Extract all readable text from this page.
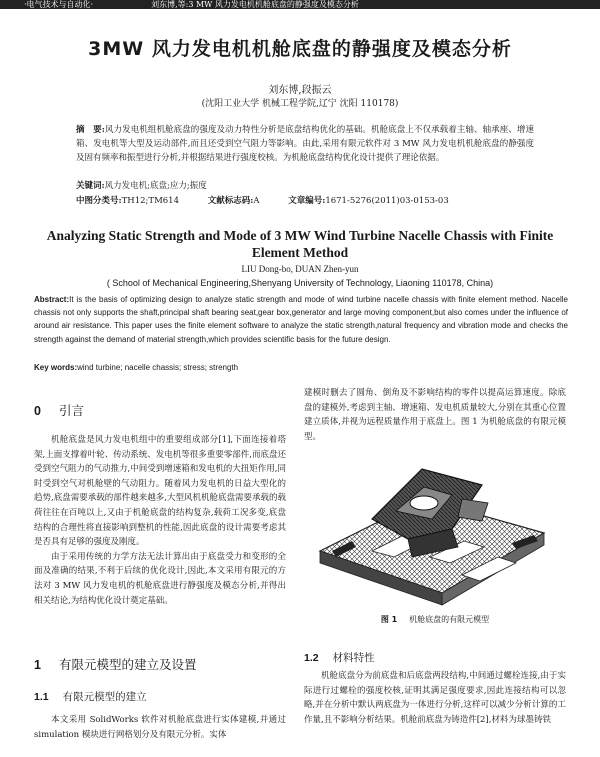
·电气技术与自动化·	刘东博,等:3 MW 风力发电机机舱底盘的静强度及模态分析
3MW 风力发电机机舱底盘的静强度及模态分析
刘东博,段振云
(沈阳工业大学 机械工程学院,辽宁 沈阳 110178)
摘　要:风力发电机组机舱底盘的强度及动力特性分析是底盘结构优化的基础。机舱底盘上不仅承载着主轴、轴承座、增速箱、发电机等大型及运动部件,而且还受到空气阻力等影响。由此,采用有限元软件对 3 MW 风力发电机机舱底盘的静强度及固有频率和振型进行分析,并根据结果进行强度校核。为机舱底盘结构优化设计提供了理论依据。
关键词:风力发电机;底盘;应力;振度
中图分类号:TH12;TM614	文献标志码:A	文章编号:1671-5276(2011)03-0153-03
Analyzing Static Strength and Mode of 3 MW Wind Turbine Nacelle Chassis with Finite Element Method
LIU Dong-bo, DUAN Zhen-yun
( School of Mechanical Engineering,Shenyang University of Technology, Liaoning 110178, China)
Abstract:It is the basis of optimizing design to analyze static strength and mode of wind turbine nacelle chassis with finite element method. Nacelle chassis not only supports the shaft,principal shaft bearing seat,gear box,generator and large moving component,but also comes under the influence of around air resistance. This paper uses the finite element software to analyze the static strength,natural frequency and vibration mode and checks the strength against the demand of material strength,which provides scientific basis for the future design.
Key words:wind turbine; nacelle chassis; stress; strength
0 引言

机舱底盘是风力发电机组中的重要组成部分[1],下面连接着塔架,上面支撑着叶轮、传动系统、发电机等很多重要零部件,而底盘还受到空气阻力的气动推力,中间受到增速箱和发电机的大扭矩作用,同时受到空气对机舱壁的气动阻力。随着风力发电机的日益大型化的趋势,底盘需要承载的部件越来越多,大型风机机舱底盘需要承载的载荷往往在百吨以上,又由于机舱底盘的结构复杂,载荷工况多变,底盘结构的合理性将直接影响到整机的性能,因此底盘的设计需要考虑其是否具有足够的强度及刚度。

由于采用传统的力学方法无法计算出由于底盘受力和变形的全面及准确的结果,不利于后续的优化设计,因此,本文采用有限元的方法对 3 MW 风力发电机的机舱底盘进行静强度及模态分析,并得出相关结论,为结构优化设计奠定基础。

1 有限元模型的建立及设置
1.1 有限元模型的建立

本文采用 SolidWorks 软件对机舱底盘进行实体建模,并通过 simulation 模块进行网格划分及有限元分析。实体

建模时删去了圆角、倒角及不影响结构的零件以提高运算速度。除底盘的建模外,考虑到主轴、增速箱、发电机质量较大,分别在其重心位置建立质体,并视为远程质量作用于底盘上。图 1 为机舱底盘的有限元模型。
图 1 机舱底盘的有限元模型
1.2 材料特性

机舱底盘分为前底盘和后底盘两段结构,中间通过螺栓连接,由于实际进行过螺栓的强度校核,证明其满足强度要求,因此连接结构可以忽略,并在分析中默认两底盘为一体进行分析,这样可以减少分析计算的工作量,且不影响分析结果。机舱前底盘为铸造件[2],材料为球墨铸铁
